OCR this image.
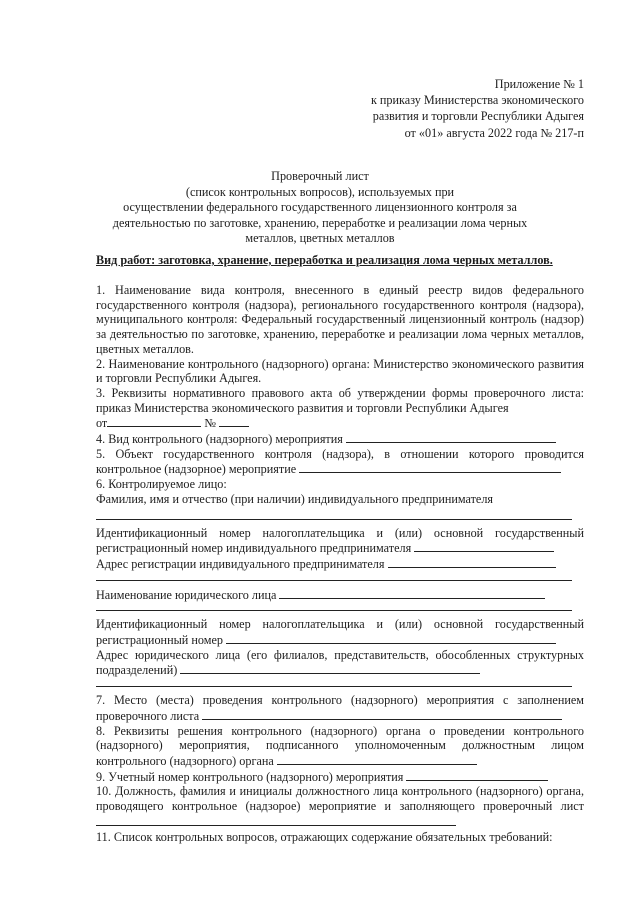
Приложение № 1
к приказу Министерства экономического
развития и торговли Республики Адыгея
от «01» августа 2022 года № 217-п
Проверочный лист
(список контрольных вопросов), используемых при
осуществлении федерального государственного лицензионного контроля за
деятельностью по заготовке, хранению, переработке и реализации лома черных
металлов, цветных металлов
Вид работ: заготовка, хранение, переработка и реализация лома черных металлов.

1. Наименование вида контроля, внесенного в единый реестр видов федерального государственного контроля (надзора), регионального государственного контроля (надзора), муниципального контроля: Федеральный государственный лицензионный контроль (надзор) за деятельностью по заготовке, хранению, переработке и реализации лома черных металлов, цветных металлов.

2. Наименование контрольного (надзорного) органа: Министерство экономического развития и торговли Республики Адыгея.

3. Реквизиты нормативного правового акта об утверждении формы проверочного листа: приказ Министерства экономического развития и торговли Республики Адыгея
от	№

4. Вид контрольного (надзорного) мероприятия

5. Объект государственного контроля (надзора), в отношении которого проводится контрольное (надзорное) мероприятие

6. Контролируемое лицо:

Фамилия, имя и отчество (при наличии) индивидуального предпринимателя

Идентификационный номер налогоплательщика и (или) основной государственный регистрационный номер индивидуального предпринимателя

Адрес регистрации индивидуального предпринимателя

Наименование юридического лица

Идентификационный номер налогоплательщика и (или) основной государственный регистрационный номер

Адрес юридического лица (его филиалов, представительств, обособленных структурных подразделений)

7. Место (места) проведения контрольного (надзорного) мероприятия с заполнением проверочного листа

8. Реквизиты решения контрольного (надзорного) органа о проведении контрольного (надзорного) мероприятия, подписанного уполномоченным должностным лицом контрольного (надзорного) органа

9. Учетный номер контрольного (надзорного) мероприятия

10. Должность, фамилия и инициалы должностного лица контрольного (надзорного) органа, проводящего контрольное (надзорое) мероприятие и заполняющего проверочный лист

11. Список контрольных вопросов, отражающих содержание обязательных требований:
